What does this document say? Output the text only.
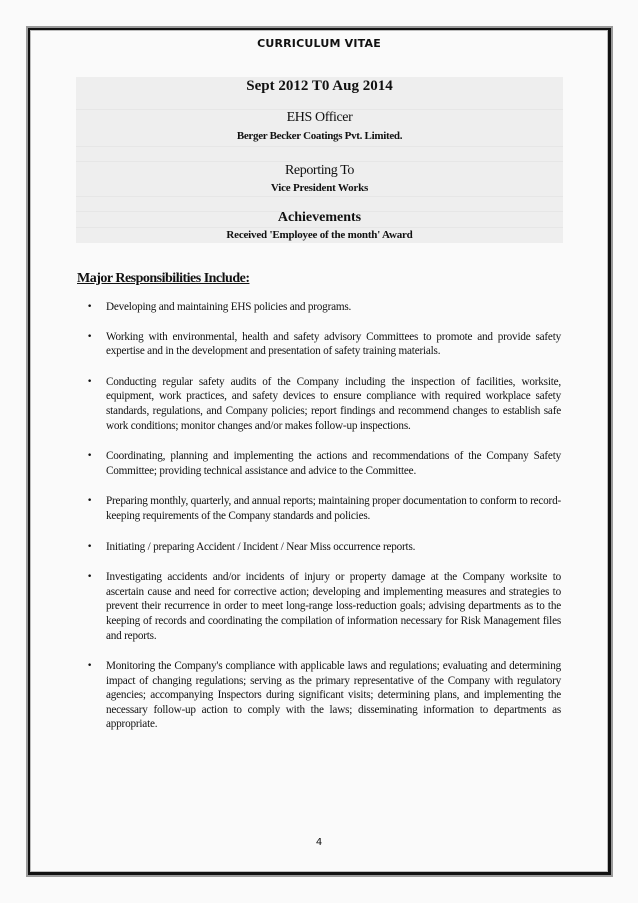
CURRICULUM VITAE
Sept 2012 T0 Aug 2014
EHS Officer
Berger Becker Coatings Pvt. Limited.
Reporting To
Vice President Works
Achievements
Received 'Employee of the month' Award
Major Responsibilities Include:
• Developing and maintaining EHS policies and programs.
• Working with environmental, health and safety advisory Committees to promote and provide safety expertise and in the development and presentation of safety training materials.
• Conducting regular safety audits of the Company including the inspection of facilities, worksite, equipment, work practices, and safety devices to ensure compliance with required workplace safety standards, regulations, and Company policies; report findings and recommend changes to establish safe work conditions; monitor changes and/or makes follow-up inspections.
• Coordinating, planning and implementing the actions and recommendations of the Company Safety Committee; providing technical assistance and advice to the Committee.
• Preparing monthly, quarterly, and annual reports; maintaining proper documentation to conform to record-keeping requirements of the Company standards and policies.
• Initiating / preparing Accident / Incident / Near Miss occurrence reports.
• Investigating accidents and/or incidents of injury or property damage at the Company worksite to ascertain cause and need for corrective action; developing and implementing measures and strategies to prevent their recurrence in order to meet long-range loss-reduction goals; advising departments as to the keeping of records and coordinating the compilation of information necessary for Risk Management files and reports.
• Monitoring the Company's compliance with applicable laws and regulations; evaluating and determining impact of changing regulations; serving as the primary representative of the Company with regulatory agencies; accompanying Inspectors during significant visits; determining plans, and implementing the necessary follow-up action to comply with the laws; disseminating information to departments as appropriate.
4
